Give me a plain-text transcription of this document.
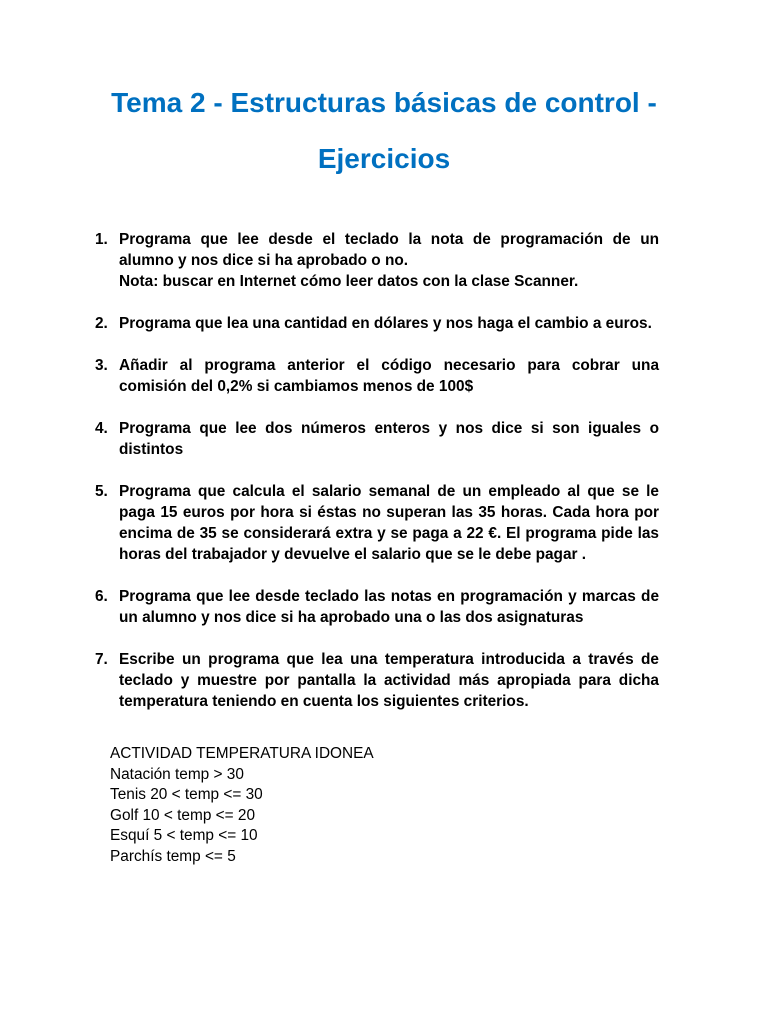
Tema 2 - Estructuras básicas de control -
Ejercicios
1. Programa que lee desde el teclado la nota de programación de un alumno y nos dice si ha aprobado o no.
Nota: buscar en Internet cómo leer datos con la clase Scanner.
2. Programa que lea una cantidad en dólares y nos haga el cambio a euros.
3. Añadir al programa anterior el código necesario para cobrar una comisión del 0,2% si cambiamos menos de 100$
4. Programa que lee dos números enteros y nos dice si son iguales o distintos
5. Programa que calcula el salario semanal de un empleado al que se le paga 15 euros por hora si éstas no superan las 35 horas. Cada hora por encima de 35 se considerará extra y se paga a 22 €. El programa pide las horas del trabajador y devuelve el salario que se le debe pagar .
6. Programa que lee desde teclado las notas en programación y marcas de un alumno y nos dice si ha aprobado una o las dos asignaturas
7. Escribe un programa que lea una temperatura introducida a través de teclado y muestre por pantalla la actividad más apropiada para dicha temperatura teniendo en cuenta los siguientes criterios.
ACTIVIDAD TEMPERATURA IDONEA
Natación temp > 30
Tenis 20 < temp <= 30
Golf 10 < temp <= 20
Esquí 5 < temp <= 10
Parchís temp <= 5
